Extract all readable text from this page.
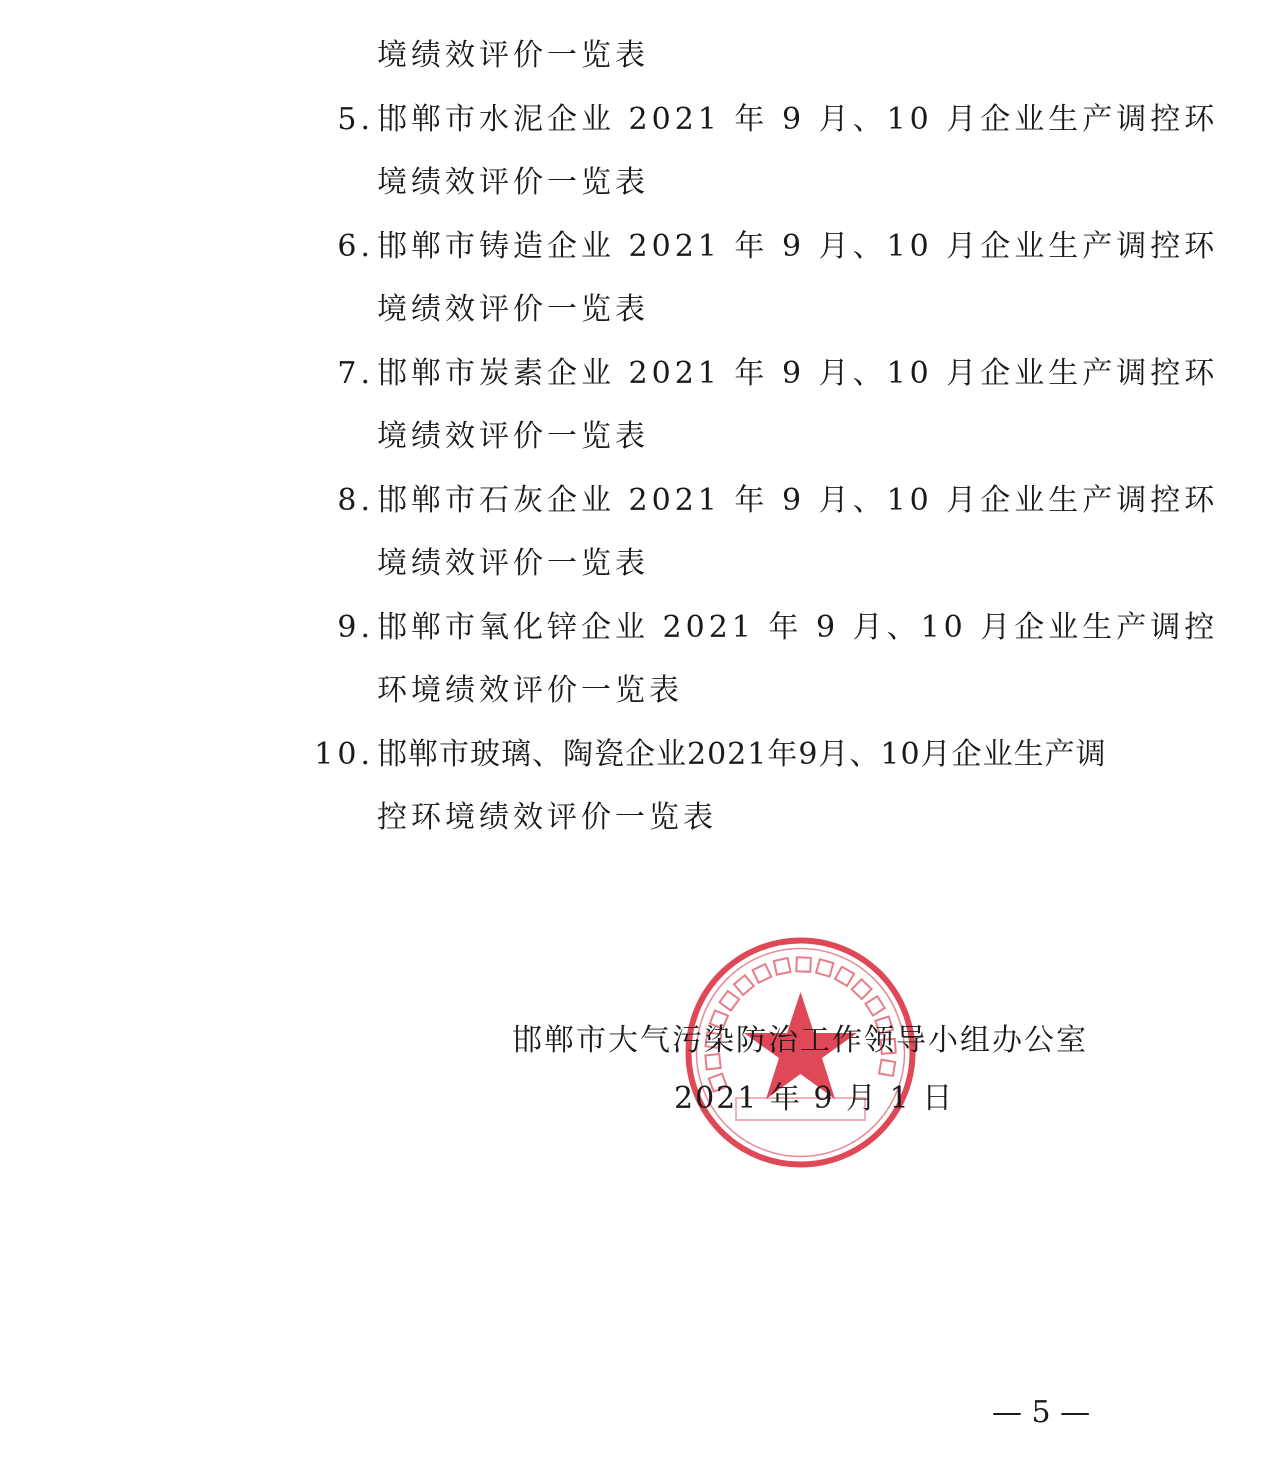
境绩效评价一览表
5. 邯郸市水泥企业 2021 年 9 月、10 月企业生产调控环
境绩效评价一览表
6. 邯郸市铸造企业 2021 年 9 月、10 月企业生产调控环
境绩效评价一览表
7. 邯郸市炭素企业 2021 年 9 月、10 月企业生产调控环
境绩效评价一览表
8. 邯郸市石灰企业 2021 年 9 月、10 月企业生产调控环
境绩效评价一览表
9. 邯郸市氧化锌企业 2021 年 9 月、10 月企业生产调控
环境绩效评价一览表
10. 邯郸市玻璃、陶瓷企业2021年9月、10月企业生产调
控环境绩效评价一览表
邯郸市大气污染防治工作领导小组办公室
2021 年 9 月 1 日
— 5 —
